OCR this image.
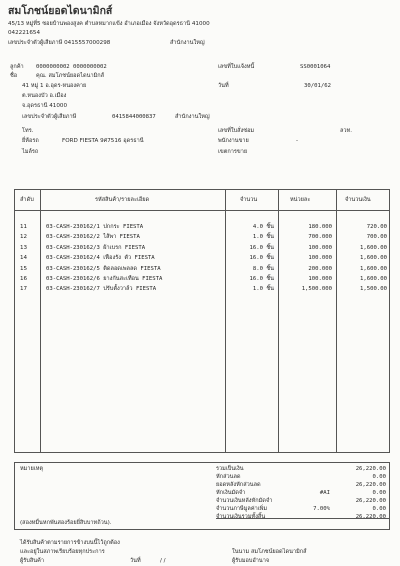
สมโภชน์ยอดไดนามิกส์
45/13 หมู่ที่5 ซอยบ้านพองสูงค ตำบลหมากแข้ง อำเภอเมือง จังหวัดอุดรธานี 41000
042221654
เลขประจำตัวผู้เสียภาษี 0415557000298	สำนักงานใหญ่
ลูกค้า 0000000002 0000000002
ชื่อ	คุณ. สมโภชน์ยอดไดนามิกส์
41 หมู่ 1 อ.อุดร-หนองคาย
ต.หนองบัว อ.เมือง
จ.อุดรธานี 41000
เลขประจำตัวผู้เสียภาษี	0415844000837	สำนักงานใหญ่
โทร.
ยี่ห้อรถ	FORD FIESTA 9ศ7516 อุดรธานี
ไมล์รถ
เลขที่ใบแจ้งหนี้	SS0001064
วันที่	30/01/62
เลขที่ใบสั่งซ่อม	ลวท.
พนักงานขาย	-
เขตการขาย
ลำดับ	รหัสสินค้า/รายละเอียด	จำนวน	หน่วยละ	จำนวนเงิน
11	03-CASH-230162/1 ปกกระ FIESTA	4.0 ชิ้น	180.000	720.00
12	03-CASH-230162/2 ไส้พา FIESTA	1.0 ชิ้น	700.000	700.00
13	03-CASH-230162/3 ผ้าเบรก FIESTA	16.0 ชิ้น	100.000	1,600.00
14	03-CASH-230162/4 เฟืองรัง ตัว FIESTA	16.0 ชิ้น	100.000	1,600.00
15	03-CASH-230162/5 ติดลอดเพลลด FIESTA	8.0 ชิ้น	200.000	1,600.00
16	03-CASH-230162/6 ยางกันสะเทือน FIESTA	16.0 ชิ้น	100.000	1,600.00
17	03-CASH-230162/7 ปรับตั้งวาล์ว FIESTA	1.0 ชิ้น	1,500.000	1,500.00
หมายเหตุ
(สองหมื่นหกพันสองร้อยยี่สิบบาทถ้วน).
รวมเป็นเงิน	26,220.00
หักส่วนลด	0.00
ยอดหลังหักส่วนลด	26,220.00
หักเงินมัดจำ	#AI	0.00
จำนวนเงินหลังหักมัดจำ	26,220.00
จำนวนภาษีมูลค่าเพิ่ม	7.00%	0.00
จำนวนเงินรวมทั้งสิ้น	26,220.00
ได้รับสินค้าตามรายการข้างบนนี้ไว้ถูกต้อง
และอยู่ในสภาพเรียบร้อยทุกประการ	ในนาม สมโภชน์ยอดไดนามิกส์
ผู้รับสินค้า	วันที่	/ /	ผู้รับมอบอำนาจ
